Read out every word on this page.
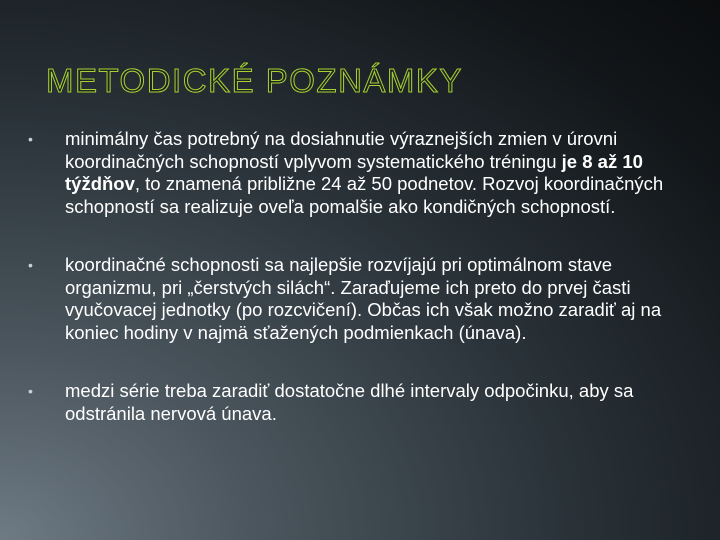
METODICKÉ POZNÁMKY
• minimálny čas potrebný na dosiahnutie výraznejších zmien v úrovni koordinačných schopností vplyvom systematického tréningu je 8 až 10 týždňov, to znamená približne 24 až 50 podnetov. Rozvoj koordinačných schopností sa realizuje oveľa pomalšie ako kondičných schopností.
• koordinačné schopnosti sa najlepšie rozvíjajú pri optimálnom stave organizmu, pri „čerstvých silách“. Zaraďujeme ich preto do prvej časti vyučovacej jednotky (po rozcvičení). Občas ich však možno zaradiť aj na koniec hodiny v najmä sťažených podmienkach (únava).
• medzi série treba zaradiť dostatočne dlhé intervaly odpočinku, aby sa odstránila nervová únava.
